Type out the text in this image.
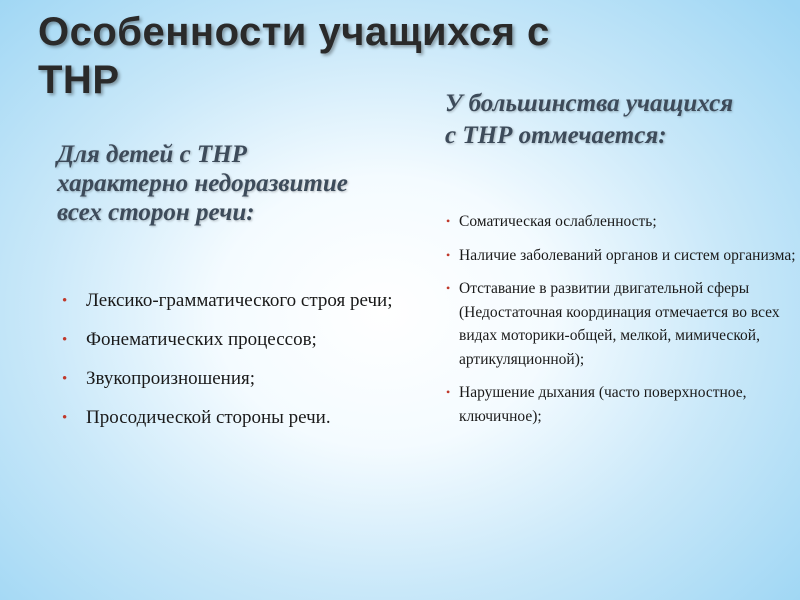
Особенности учащихся с ТНР
Для детей с ТНР характерно недоразвитие всех сторон речи:
• Лексико-грамматического строя речи;
• Фонематических процессов;
• Звукопроизношения;
• Просодической стороны речи.
У большинства учащихся с ТНР отмечается:
• Соматическая ослабленность;
• Наличие заболеваний органов и систем организма;
• Отставание в развитии двигательной сферы (Недостаточная координация отмечается во всех видах моторики-общей, мелкой, мимической, артикуляционной);
• Нарушение дыхания (часто поверхностное, ключичное);
